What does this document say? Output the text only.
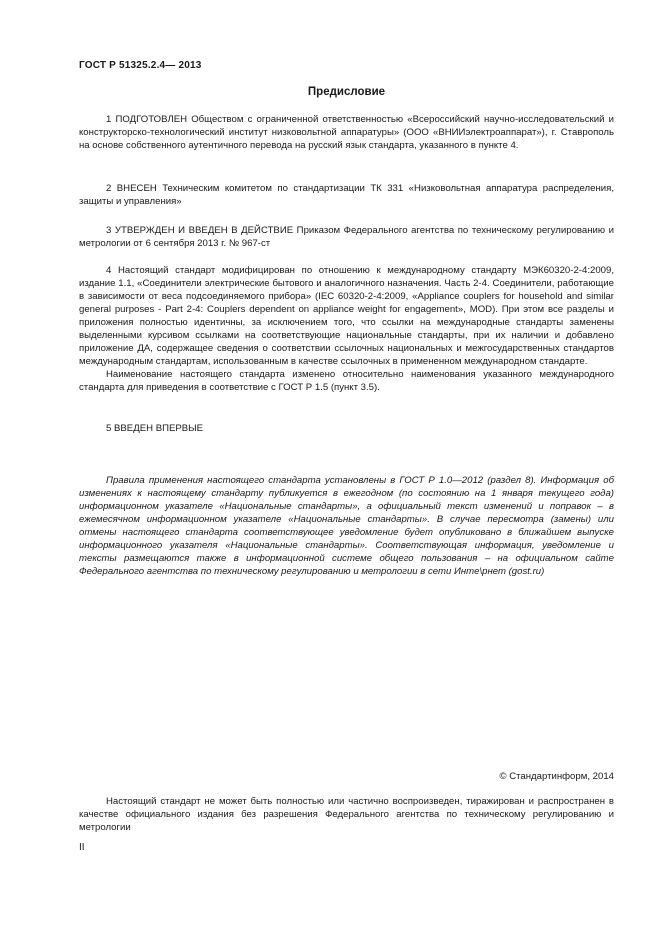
ГОСТ Р 51325.2.4— 2013
Предисловие

1 ПОДГОТОВЛЕН Обществом с ограниченной ответственностью «Всероссийский научно-исследовательский и конструкторско-технологический институт низковольтной аппаратуры» (ООО «ВНИИэлектроаппарат»), г. Ставрополь на основе собственного аутентичного перевода на русский язык стандарта, указанного в пункте 4.

2 ВНЕСЕН Техническим комитетом по стандартизации ТК 331 «Низковольтная аппаратура распределения, защиты и управления»

3 УТВЕРЖДЕН И ВВЕДЕН В ДЕЙСТВИЕ Приказом Федерального агентства по техническому регулированию и метрологии от 6 сентября 2013 г. № 967-ст

4 Настоящий стандарт модифицирован по отношению к международному стандарту МЭК60320-2-4:2009, издание 1.1, «Соединители электрические бытового и аналогичного назначения. Часть 2-4. Соединители, работающие в зависимости от веса подсоединяемого прибора» (IEC 60320-2-4:2009, «Appliance couplers for household and similar general purposes - Part 2-4: Couplers dependent on appliance weight for engagement», MOD). При этом все разделы и приложения полностью идентичны, за исключением того, что ссылки на международные стандарты заменены выделенными курсивом ссылками на соответствующие национальные стандарты, при их наличии и добавлено приложение ДА, содержащее сведения о соответствии ссылочных национальных и межгосударственных стандартов международным стандартам, использованным в качестве ссылочных в примененном международном стандарте.

Наименование настоящего стандарта изменено относительно наименования указанного международного стандарта для приведения в соответствие с ГОСТ Р 1.5 (пункт 3.5).

5 ВВЕДЕН ВПЕРВЫЕ

Правила применения настоящего стандарта установлены в ГОСТ Р 1.0—2012 (раздел 8). Информация об изменениях к настоящему стандарту публикуется в ежегодном (по состоянию на 1 января текущего года) информационном указателе «Национальные стандарты», а официальный текст изменений и поправок – в ежемесячном информационном указателе «Национальные стандарты». В случае пересмотра (замены) или отмены настоящего стандарта соответствующее уведомление будет опубликовано в ближайшем выпуске информационного указателя «Национальные стандарты». Соответствующая информация, уведомление и тексты размещаются также в информационной системе общего пользования – на официальном сайте Федерального агентства по техническому регулированию и метрологии в сети Инте\рнет (gost.ru)

© Стандартинформ, 2014

Настоящий стандарт не может быть полностью или частично воспроизведен, тиражирован и распространен в качестве официального издания без разрешения Федерального агентства по техническому регулированию и метрологии

II
